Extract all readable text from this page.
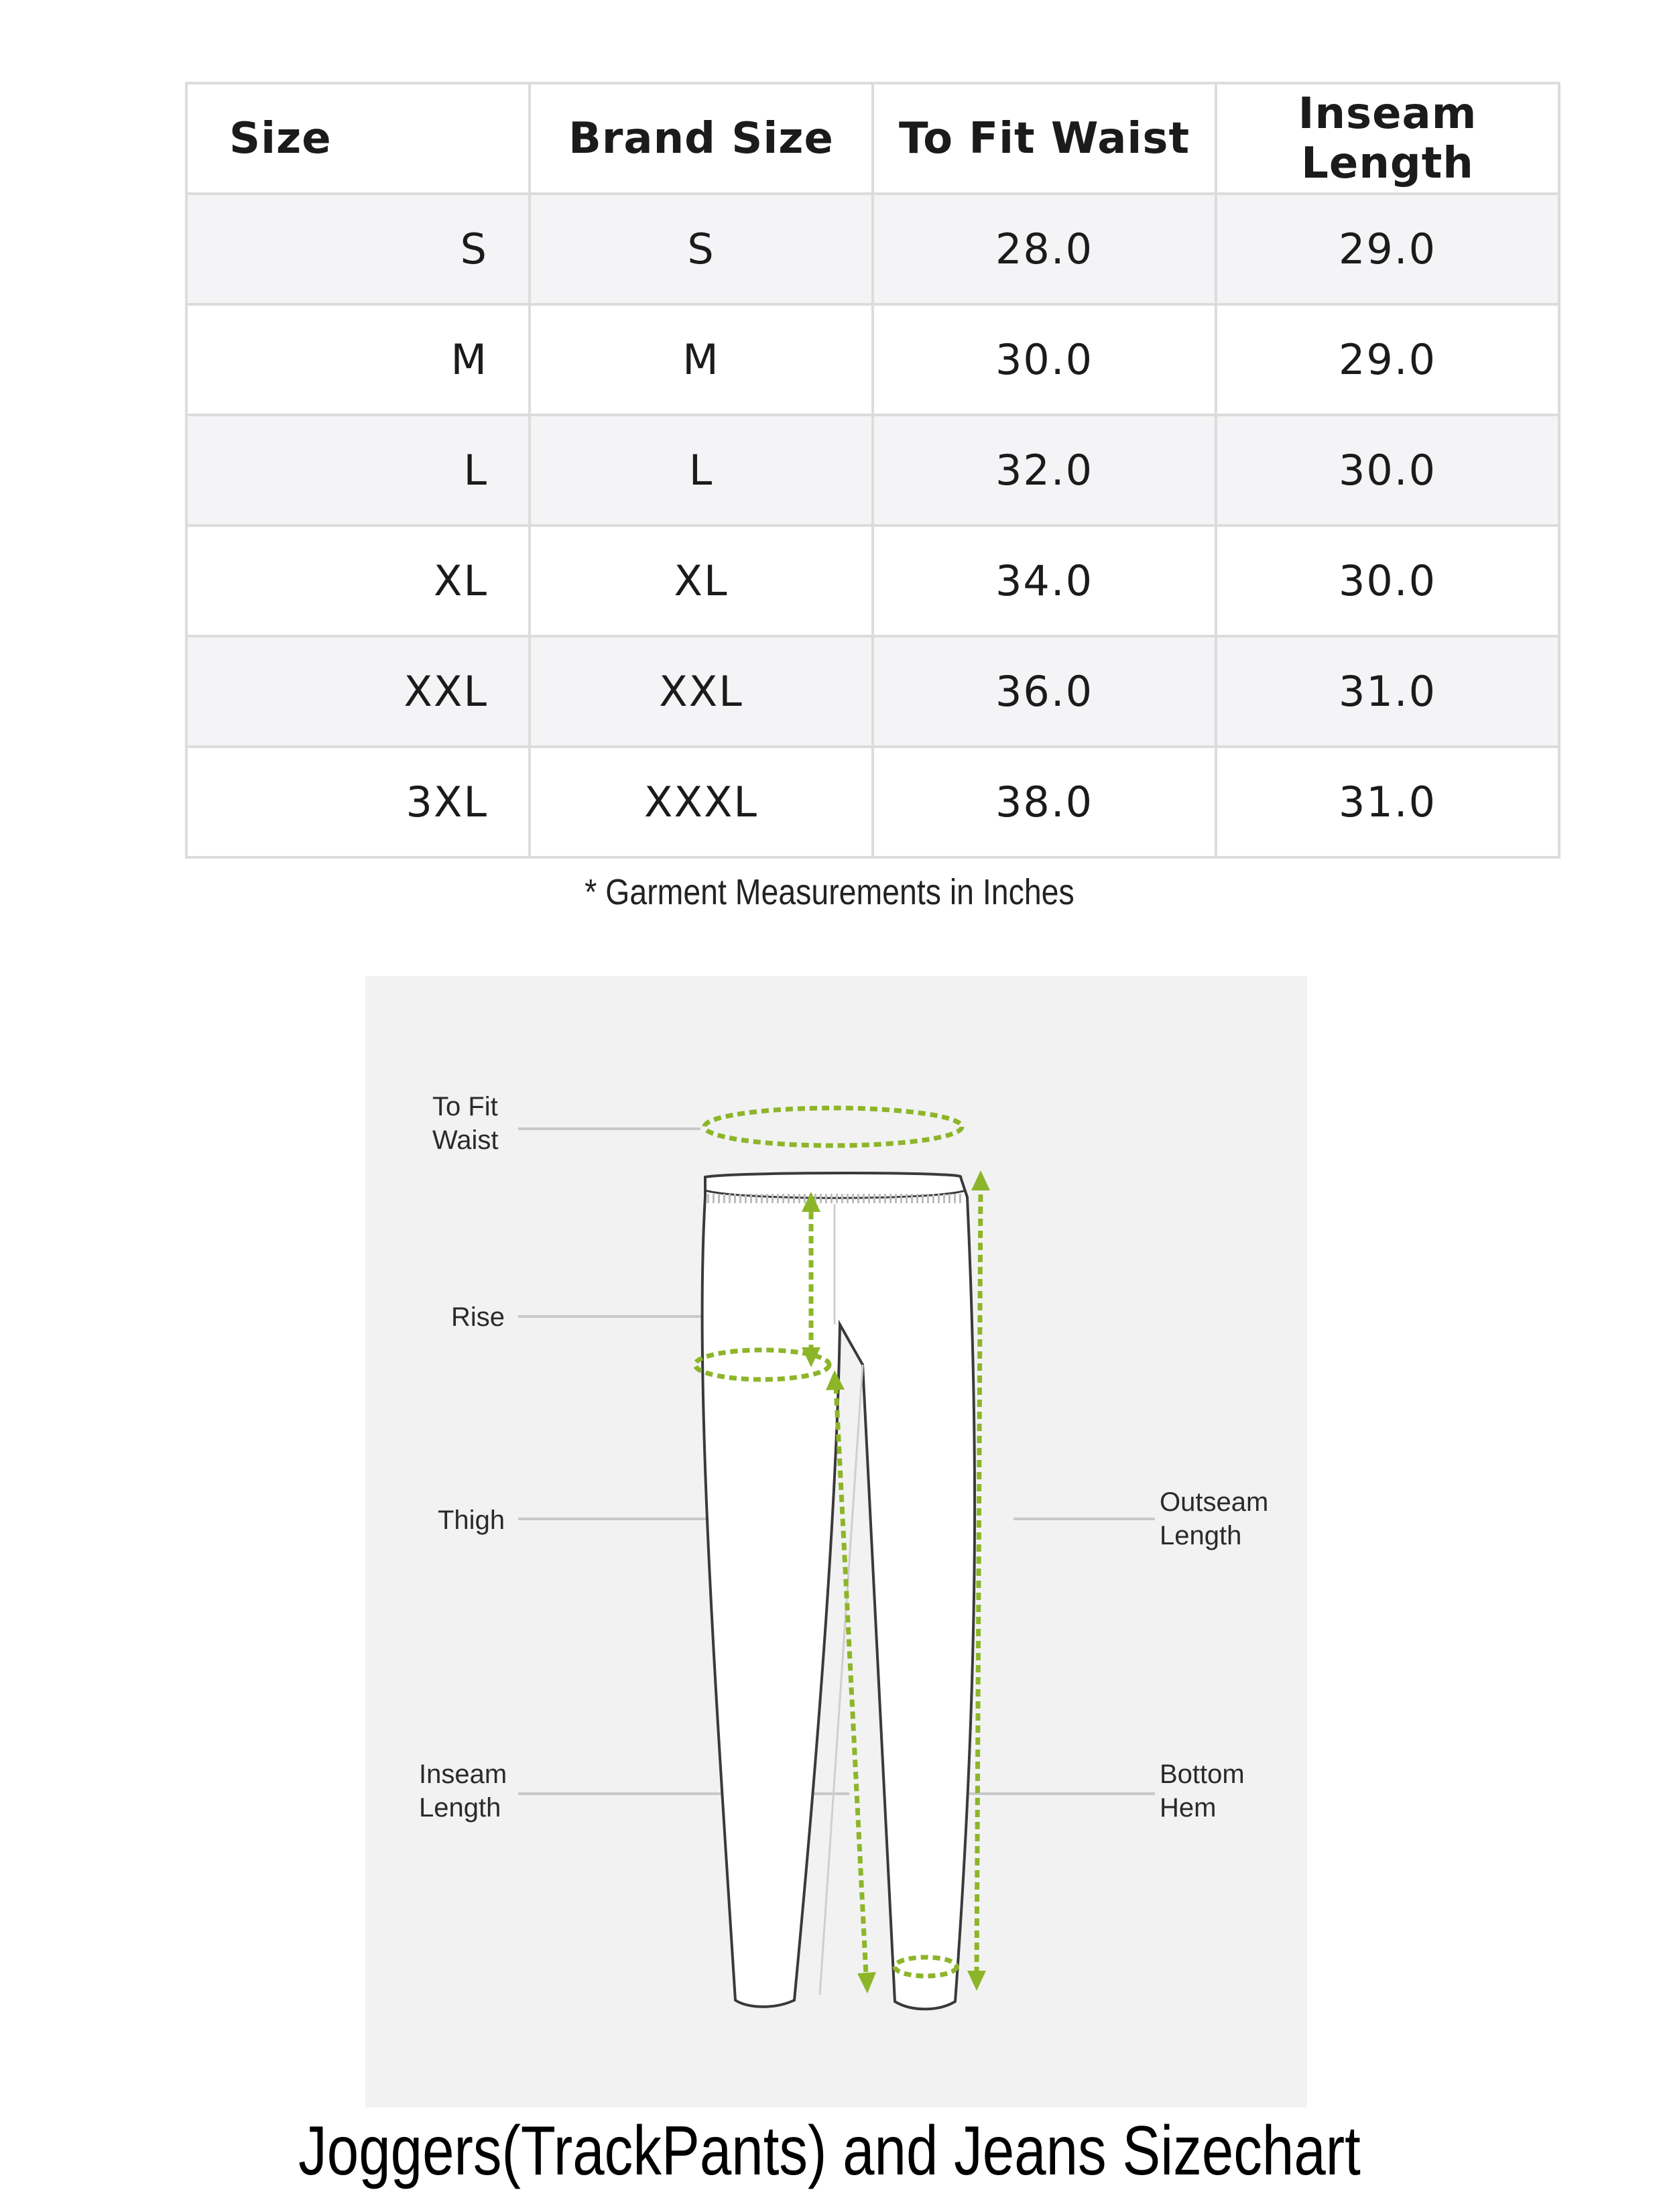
Size	Brand Size	To Fit Waist	Inseam Length
S	S	28.0	29.0
M	M	30.0	29.0
L	L	32.0	30.0
XL	XL	34.0	30.0
XXL	XXL	36.0	31.0
3XL	XXXL	38.0	31.0
* Garment Measurements in Inches
To Fit
Waist
Rise
Thigh
Inseam
Length
Outseam
Length
Bottom
Hem
Joggers(TrackPants) and Jeans Sizechart
